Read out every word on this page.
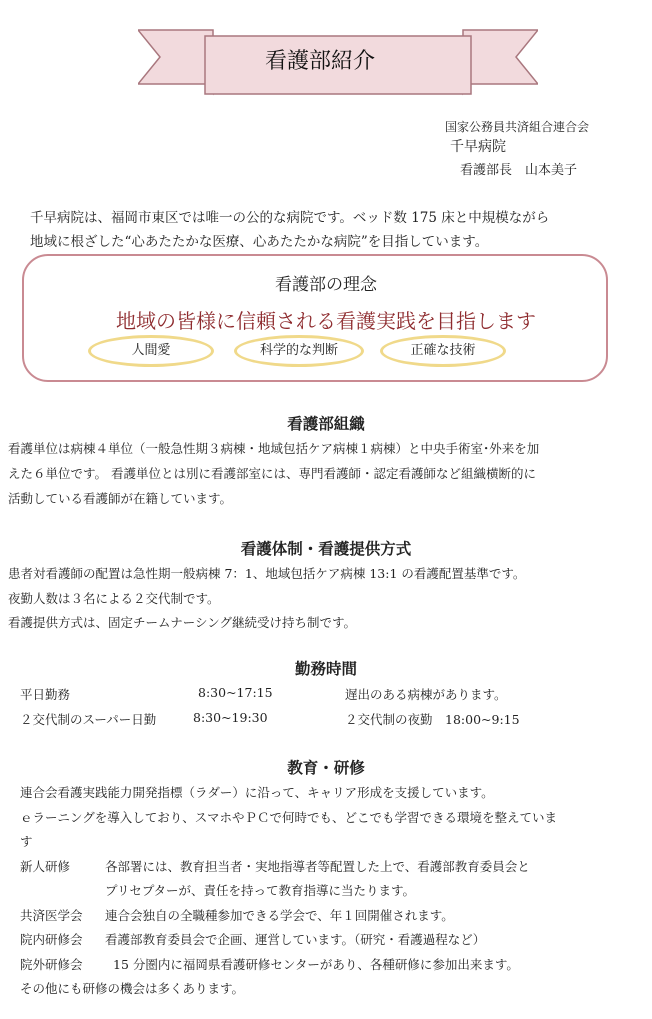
看護部紹介
国家公務員共済組合連合会
千早病院
看護部長　山本美子
千早病院は、福岡市東区では唯一の公的な病院です。ベッド数 175 床と中規模ながら
地域に根ざした“心あたたかな医療、心あたたかな病院”を目指しています。
看護部の理念
地域の皆様に信頼される看護実践を目指します
人間愛	科学的な判断	正確な技術
看護部組織
看護単位は病棟４単位（一般急性期３病棟・地域包括ケア病棟１病棟）と中央手術室･外来を加
えた６単位です。 看護単位とは別に看護部室には、専門看護師・認定看護師など組織横断的に
活動している看護師が在籍しています。
看護体制・看護提供方式
患者対看護師の配置は急性期一般病棟 7：1、地域包括ケア病棟 13:1 の看護配置基準です。
夜勤人数は３名による２交代制です。
看護提供方式は、固定チームナーシング継続受け持ち制です。
勤務時間
平日勤務	8:30~17:15	遅出のある病棟があります。
２交代制のスーパー日勤	8:30~19:30	２交代制の夜勤　18:00~9:15
教育・研修
連合会看護実践能力開発指標（ラダー）に沿って、キャリア形成を支援しています。
ｅラーニングを導入しており、スマホやＰＣで何時でも、どこでも学習できる環境を整えていま
す
新人研修	各部署には、教育担当者・実地指導者等配置した上で、看護部教育委員会と
プリセプターが、責任を持って教育指導に当たります。
共済医学会 連合会独自の全職種参加できる学会で、年１回開催されます。
院内研修会 看護部教育委員会で企画、運営しています。（研究・看護過程など）
院外研修会 15 分圏内に福岡県看護研修センターがあり、各種研修に参加出来ます。
その他にも研修の機会は多くあります。
